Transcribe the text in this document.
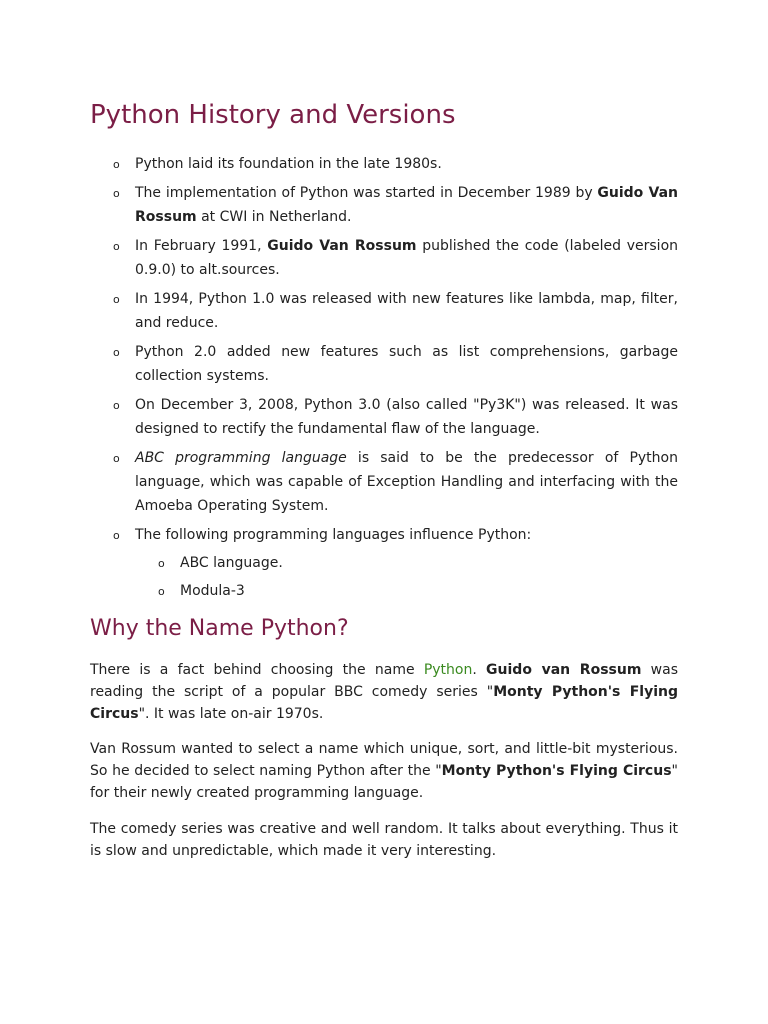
Python History and Versions
o Python laid its foundation in the late 1980s.
o The implementation of Python was started in December 1989 by Guido Van Rossum at CWI in Netherland.
o In February 1991, Guido Van Rossum published the code (labeled version 0.9.0) to alt.sources.
o In 1994, Python 1.0 was released with new features like lambda, map, filter, and reduce.
o Python 2.0 added new features such as list comprehensions, garbage collection systems.
o On December 3, 2008, Python 3.0 (also called "Py3K") was released. It was designed to rectify the fundamental flaw of the language.
o ABC programming language is said to be the predecessor of Python language, which was capable of Exception Handling and interfacing with the Amoeba Operating System.
o The following programming languages influence Python:
o ABC language.
o Modula-3
Why the Name Python?

There is a fact behind choosing the name Python. Guido van Rossum was reading the script of a popular BBC comedy series "Monty Python's Flying Circus". It was late on-air 1970s.

Van Rossum wanted to select a name which unique, sort, and little-bit mysterious. So he decided to select naming Python after the "Monty Python's Flying Circus" for their newly created programming language.

The comedy series was creative and well random. It talks about everything. Thus it is slow and unpredictable, which made it very interesting.
